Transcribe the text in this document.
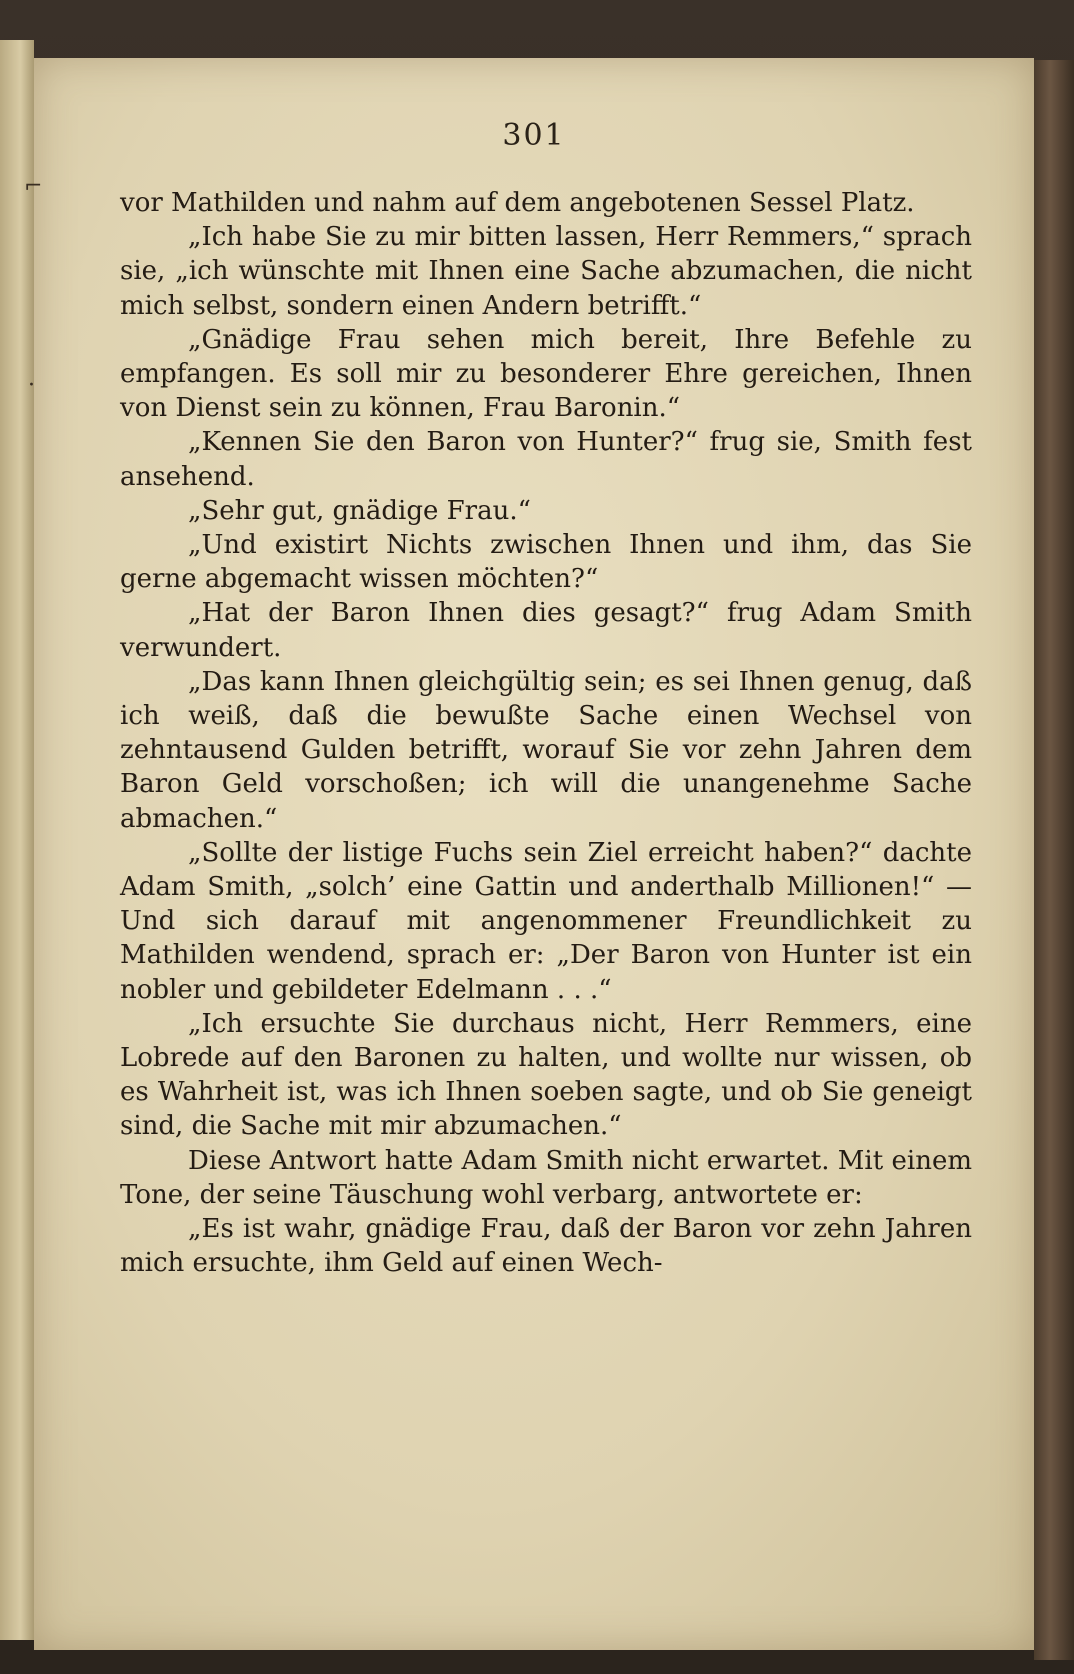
⌐
·
301

vor Mathilden und nahm auf dem angebotenen Sessel Platz.

„Ich habe Sie zu mir bitten lassen, Herr Remmers,“ sprach sie, „ich wünschte mit Ihnen eine Sache abzumachen, die nicht mich selbst, sondern einen Andern betrifft.“

„Gnädige Frau sehen mich bereit, Ihre Befehle zu empfangen. Es soll mir zu besonderer Ehre gereichen, Ihnen von Dienst sein zu können, Frau Baronin.“

„Kennen Sie den Baron von Hunter?“ frug sie, Smith fest ansehend.

„Sehr gut, gnädige Frau.“

„Und existirt Nichts zwischen Ihnen und ihm, das Sie gerne abgemacht wissen möchten?“

„Hat der Baron Ihnen dies gesagt?“ frug Adam Smith verwundert.

„Das kann Ihnen gleichgültig sein; es sei Ihnen genug, daß ich weiß, daß die bewußte Sache einen Wechsel von zehntausend Gulden betrifft, worauf Sie vor zehn Jahren dem Baron Geld vorschoßen; ich will die unangenehme Sache abmachen.“

„Sollte der listige Fuchs sein Ziel erreicht haben?“ dachte Adam Smith, „solch’ eine Gattin und anderthalb Millionen!“ — Und sich darauf mit angenommener Freundlichkeit zu Mathilden wendend, sprach er: „Der Baron von Hunter ist ein nobler und gebildeter Edelmann . . .“

„Ich ersuchte Sie durchaus nicht, Herr Remmers, eine Lobrede auf den Baronen zu halten, und wollte nur wissen, ob es Wahrheit ist, was ich Ihnen soeben sagte, und ob Sie geneigt sind, die Sache mit mir abzumachen.“

Diese Antwort hatte Adam Smith nicht erwartet. Mit einem Tone, der seine Täuschung wohl verbarg, antwortete er:

„Es ist wahr, gnädige Frau, daß der Baron vor zehn Jahren mich ersuchte, ihm Geld auf einen Wech-
